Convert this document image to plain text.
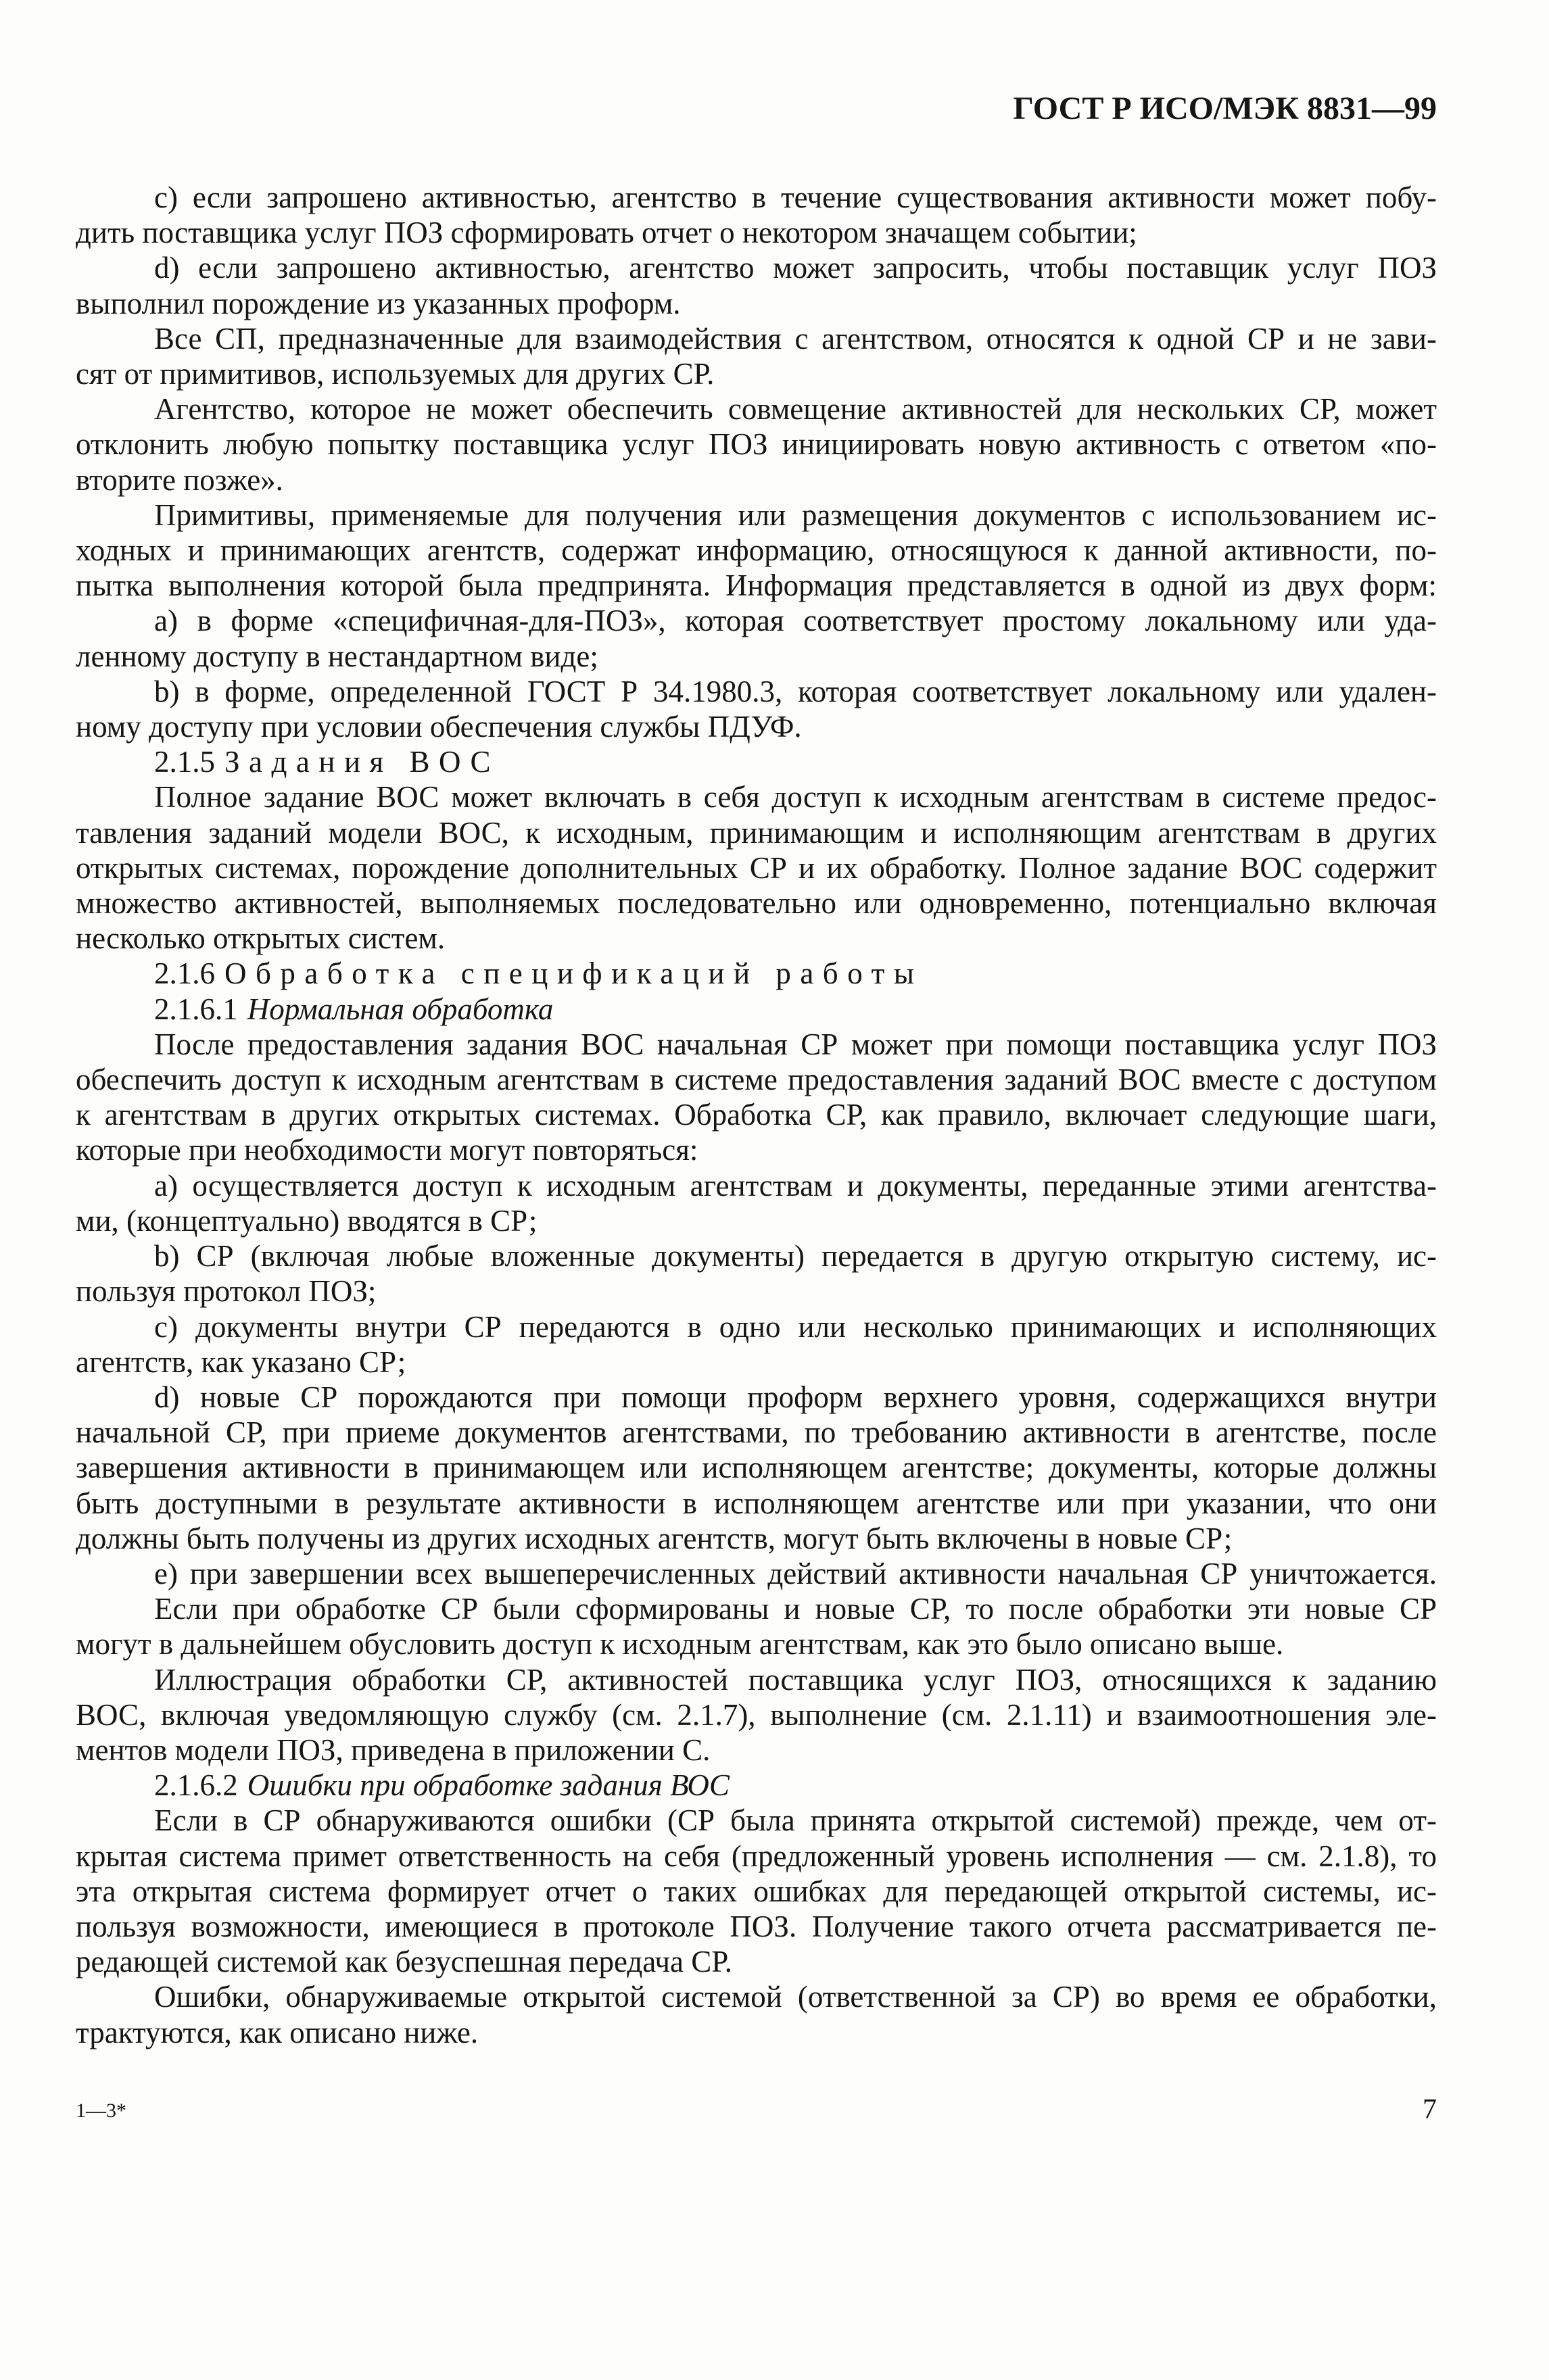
ГОСТ Р ИСО/МЭК 8831—99
c) если запрошено активностью, агентство в течение существования активности может побу-
дить поставщика услуг ПОЗ сформировать отчет о некотором значащем событии;
d) если запрошено активностью, агентство может запросить, чтобы поставщик услуг ПОЗ
выполнил порождение из указанных проформ.
Все СП, предназначенные для взаимодействия с агентством, относятся к одной СР и не зави-
сят от примитивов, используемых для других СР.
Агентство, которое не может обеспечить совмещение активностей для нескольких СР, может
отклонить любую попытку поставщика услуг ПОЗ инициировать новую активность с ответом «по-
вторите позже».
Примитивы, применяемые для получения или размещения документов с использованием ис-
ходных и принимающих агентств, содержат информацию, относящуюся к данной активности, по-
пытка выполнения которой была предпринята. Информация представляется в одной из двух форм:
a) в форме «специфичная-для-ПОЗ», которая соответствует простому локальному или уда-
ленному доступу в нестандартном виде;
b) в форме, определенной ГОСТ Р 34.1980.3, которая соответствует локальному или удален-
ному доступу при условии обеспечения службы ПДУФ.
2.1.5 Задания ВОС
Полное задание ВОС может включать в себя доступ к исходным агентствам в системе предос-
тавления заданий модели ВОС, к исходным, принимающим и исполняющим агентствам в других
открытых системах, порождение дополнительных СР и их обработку. Полное задание ВОС содержит
множество активностей, выполняемых последовательно или одновременно, потенциально включая
несколько открытых систем.
2.1.6 Обработка спецификаций работы
2.1.6.1 Нормальная обработка
После предоставления задания ВОС начальная СР может при помощи поставщика услуг ПОЗ
обеспечить доступ к исходным агентствам в системе предоставления заданий ВОС вместе с доступом
к агентствам в других открытых системах. Обработка СР, как правило, включает следующие шаги,
которые при необходимости могут повторяться:
a) осуществляется доступ к исходным агентствам и документы, переданные этими агентства-
ми, (концептуально) вводятся в СР;
b) СР (включая любые вложенные документы) передается в другую открытую систему, ис-
пользуя протокол ПОЗ;
c) документы внутри СР передаются в одно или несколько принимающих и исполняющих
агентств, как указано СР;
d) новые СР порождаются при помощи проформ верхнего уровня, содержащихся внутри
начальной СР, при приеме документов агентствами, по требованию активности в агентстве, после
завершения активности в принимающем или исполняющем агентстве; документы, которые должны
быть доступными в результате активности в исполняющем агентстве или при указании, что они
должны быть получены из других исходных агентств, могут быть включены в новые СР;
e) при завершении всех вышеперечисленных действий активности начальная СР уничтожается.
Если при обработке СР были сформированы и новые СР, то после обработки эти новые СР
могут в дальнейшем обусловить доступ к исходным агентствам, как это было описано выше.
Иллюстрация обработки СР, активностей поставщика услуг ПОЗ, относящихся к заданию
ВОС, включая уведомляющую службу (см. 2.1.7), выполнение (см. 2.1.11) и взаимоотношения эле-
ментов модели ПОЗ, приведена в приложении С.
2.1.6.2 Ошибки при обработке задания ВОС
Если в СР обнаруживаются ошибки (СР была принята открытой системой) прежде, чем от-
крытая система примет ответственность на себя (предложенный уровень исполнения — см. 2.1.8), то
эта открытая система формирует отчет о таких ошибках для передающей открытой системы, ис-
пользуя возможности, имеющиеся в протоколе ПОЗ. Получение такого отчета рассматривается пе-
редающей системой как безуспешная передача СР.
Ошибки, обнаруживаемые открытой системой (ответственной за СР) во время ее обработки,
трактуются, как описано ниже.
1—3*	7
